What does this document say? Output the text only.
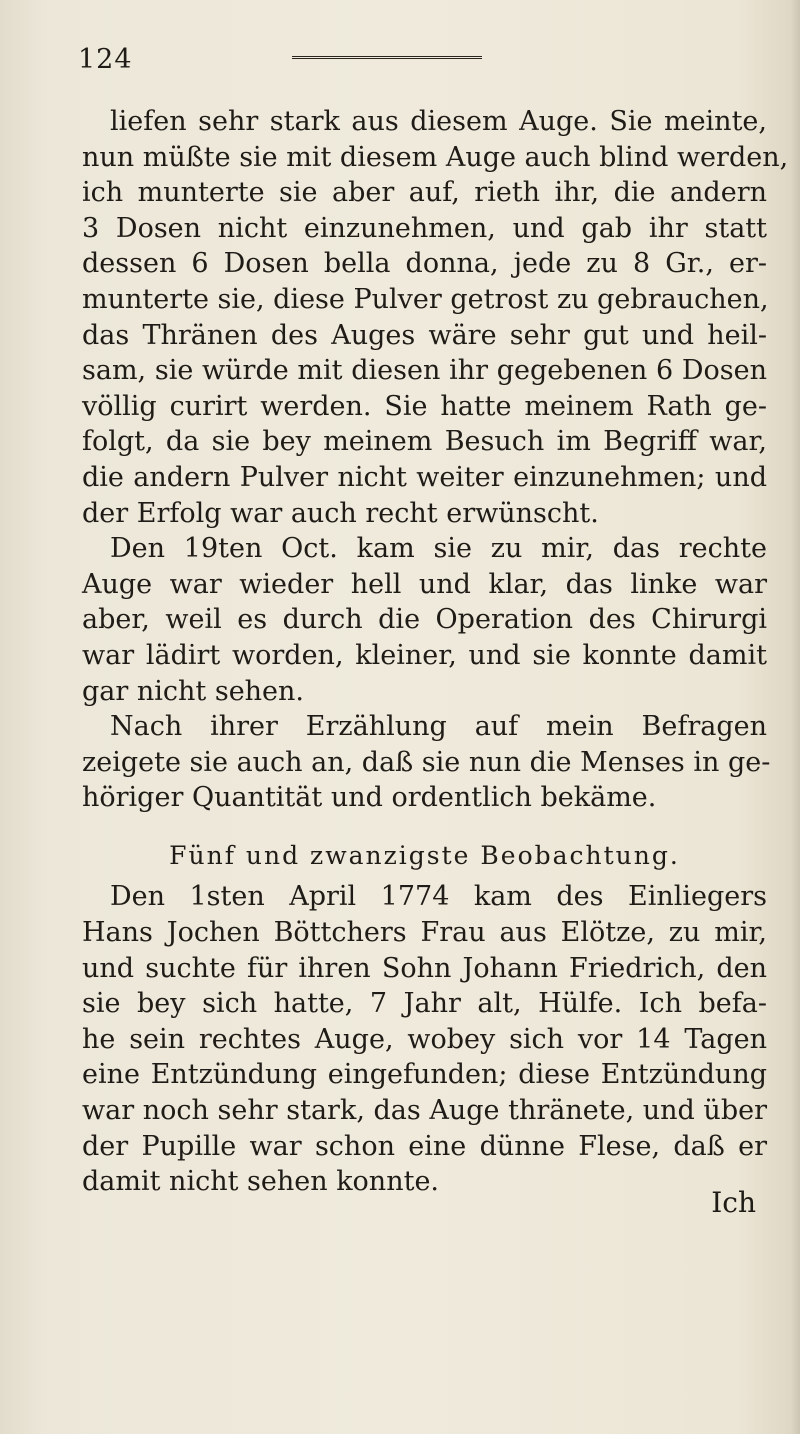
124
liefen sehr stark aus diesem Auge. Sie meinte,
nun müßte sie mit diesem Auge auch blind werden,
ich munterte sie aber auf, rieth ihr, die andern
3 Dosen nicht einzunehmen, und gab ihr statt
dessen 6 Dosen bella donna, jede zu 8 Gr., er-
munterte sie, diese Pulver getrost zu gebrauchen,
das Thränen des Auges wäre sehr gut und heil-
sam, sie würde mit diesen ihr gegebenen 6 Dosen
völlig curirt werden. Sie hatte meinem Rath ge-
folgt, da sie bey meinem Besuch im Begriff war,
die andern Pulver nicht weiter einzunehmen; und
der Erfolg war auch recht erwünscht.
Den 19ten Oct. kam sie zu mir, das rechte
Auge war wieder hell und klar, das linke war
aber, weil es durch die Operation des Chirurgi
war lädirt worden, kleiner, und sie konnte damit
gar nicht sehen.
Nach ihrer Erzählung auf mein Befragen
zeigete sie auch an, daß sie nun die Menses in ge-
höriger Quantität und ordentlich bekäme.
Fünf und zwanzigste Beobachtung.
Den 1sten April 1774 kam des Einliegers
Hans Jochen Böttchers Frau aus Elötze, zu mir,
und suchte für ihren Sohn Johann Friedrich, den
sie bey sich hatte, 7 Jahr alt, Hülfe. Ich befa-
he sein rechtes Auge, wobey sich vor 14 Tagen
eine Entzündung eingefunden; diese Entzündung
war noch sehr stark, das Auge thränete, und über
der Pupille war schon eine dünne Flese, daß er
damit nicht sehen konnte.
Ich
